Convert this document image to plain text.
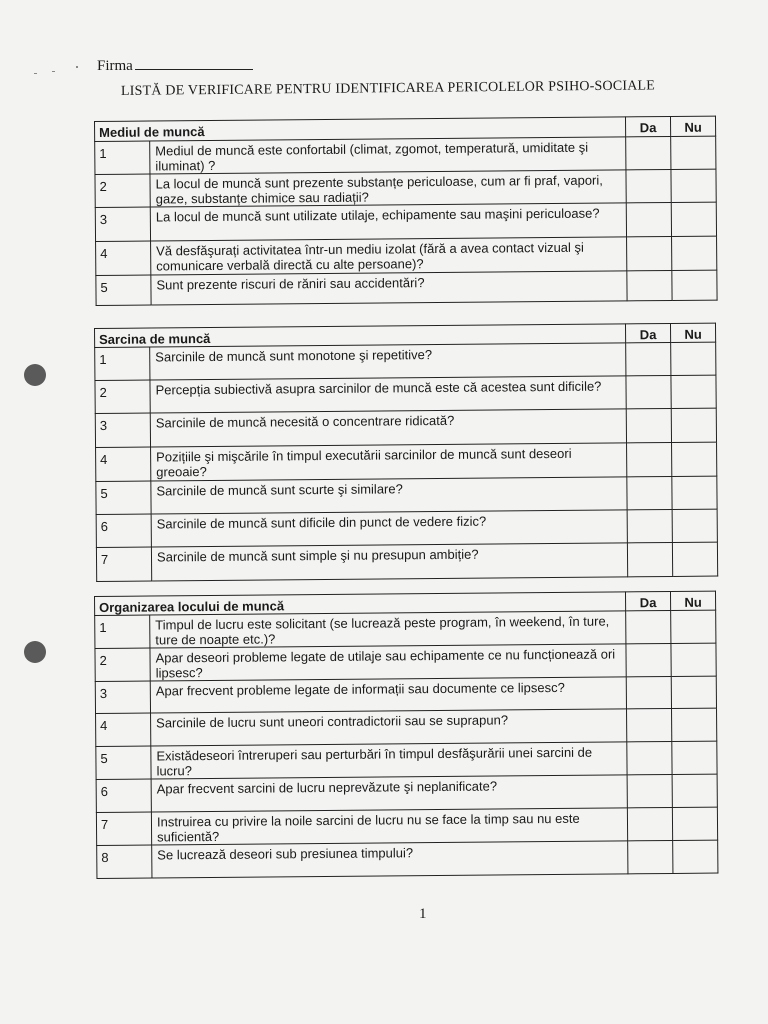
Firma
LISTĂ DE VERIFICARE PENTRU IDENTIFICAREA PERICOLELOR PSIHO-SOCIALE
Mediul de muncă		Da	Nu
1	Mediul de muncă este confortabil (climat, zgomot, temperatură, umiditate şi iluminat) ?		
2	La locul de muncă sunt prezente substanțe periculoase, cum ar fi praf, vapori, gaze, substanțe chimice sau radiații?		
3	La locul de muncă sunt utilizate utilaje, echipamente sau maşini periculoase?		
4	Vă desfăşurați activitatea într-un mediu izolat (fără a avea contact vizual şi comunicare verbală directă cu alte persoane)?		
5	Sunt prezente riscuri de răniri sau accidentări?		
Sarcina de muncă		Da	Nu
1	Sarcinile de muncă sunt monotone şi repetitive?		
2	Percepția subiectivă asupra sarcinilor de muncă este că acestea sunt dificile?		
3	Sarcinile de muncă necesită o concentrare ridicată?		
4	Pozițiile şi mişcările în timpul executării sarcinilor de muncă sunt deseori greoaie?		
5	Sarcinile de muncă sunt scurte şi similare?		
6	Sarcinile de muncă sunt dificile din punct de vedere fizic?		
7	Sarcinile de muncă sunt simple şi nu presupun ambiție?		
Organizarea locului de muncă		Da	Nu
1	Timpul de lucru este solicitant (se lucrează peste program, în weekend, în ture, ture de noapte etc.)?		
2	Apar deseori probleme legate de utilaje sau echipamente ce nu funcționează ori lipsesc?		
3	Apar frecvent probleme legate de informații sau documente ce lipsesc?		
4	Sarcinile de lucru sunt uneori contradictorii sau se suprapun?		
5	Existădeseori întreruperi sau perturbări în timpul desfăşurării unei sarcini de lucru?		
6	Apar frecvent sarcini de lucru neprevăzute şi neplanificate?		
7	Instruirea cu privire la noile sarcini de lucru nu se face la timp sau nu este suficientă?		
8	Se lucrează deseori sub presiunea timpului?		
1
